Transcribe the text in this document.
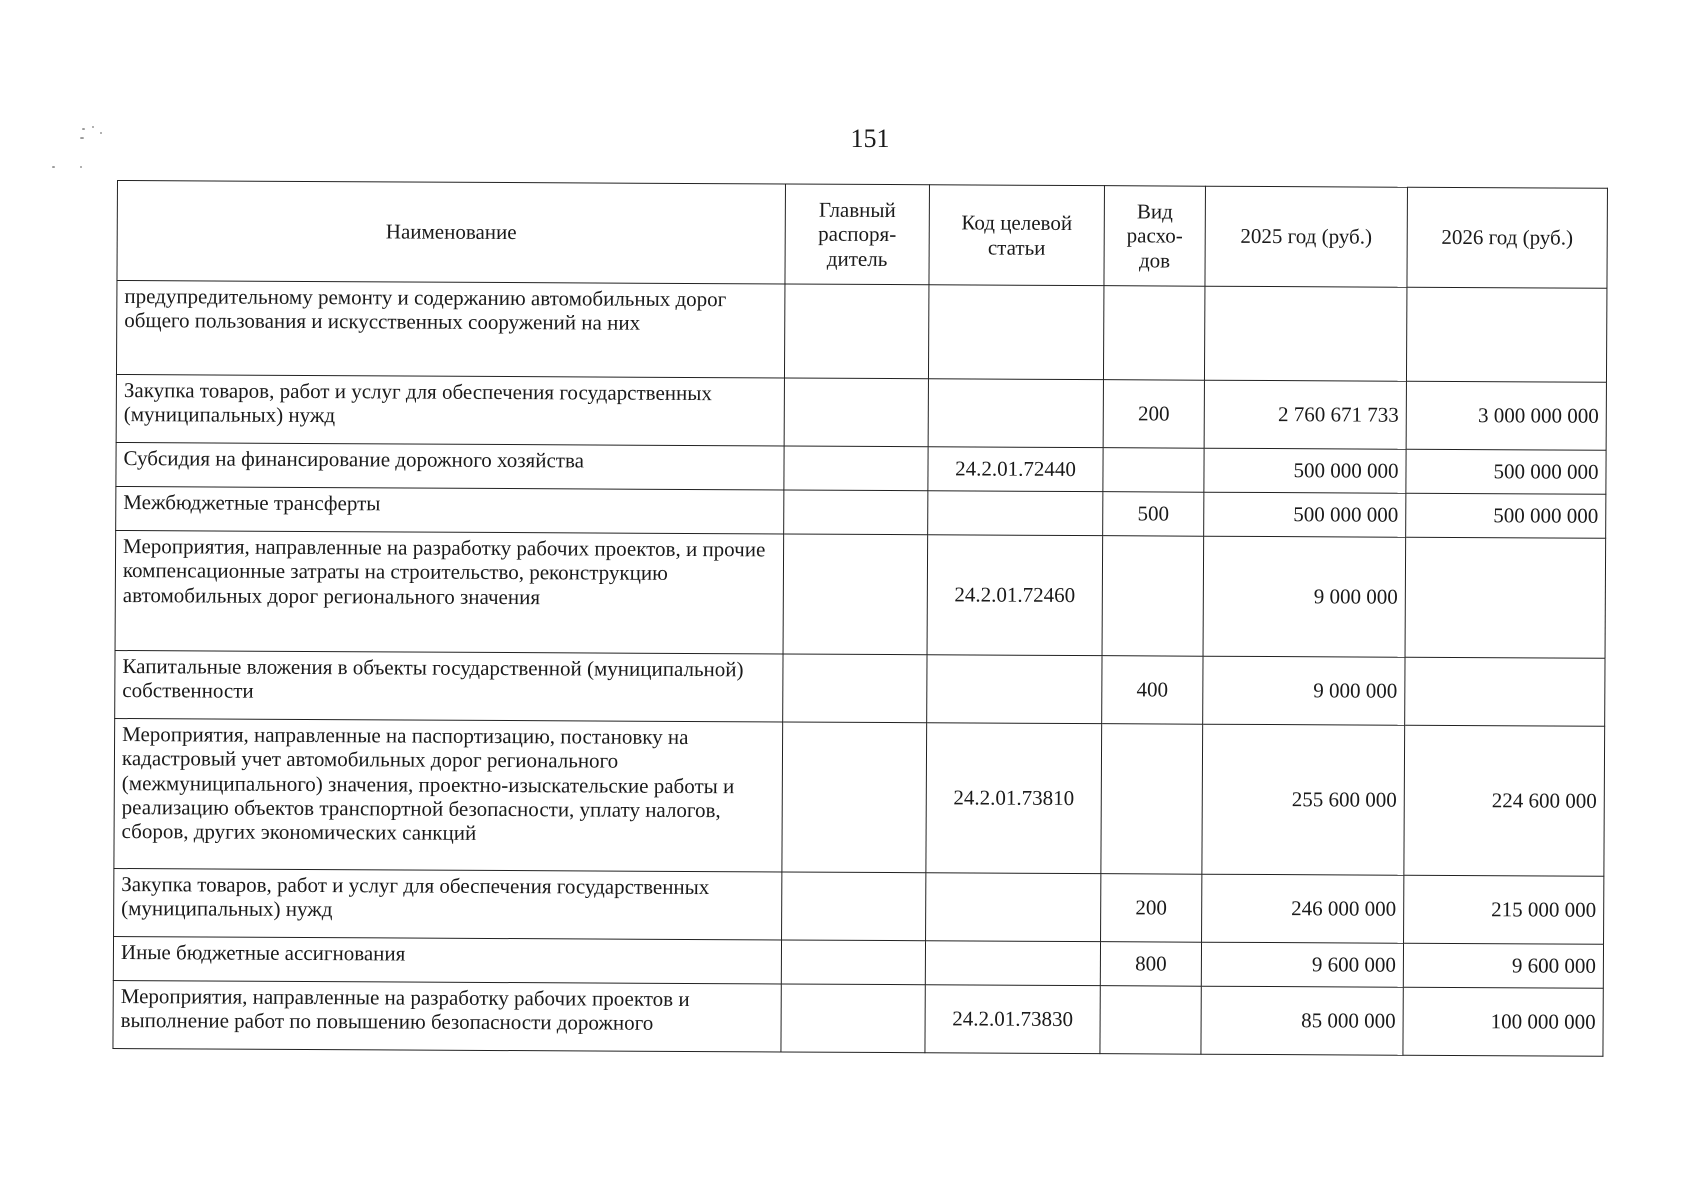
151
Наименование	Главный распоря-дитель	Код целевой статьи	Вид расхо-дов	2025 год (руб.)	2026 год (руб.)
предупредительному ремонту и содержанию автомобильных дорог общего пользования и искусственных сооружений на них					
Закупка товаров, работ и услуг для обеспечения государственных (муниципальных) нужд			200	2 760 671 733	3 000 000 000
Субсидия на финансирование дорожного хозяйства		24.2.01.72440		500 000 000	500 000 000
Межбюджетные трансферты			500	500 000 000	500 000 000
Мероприятия, направленные на разработку рабочих проектов, и прочие компенсационные затраты на строительство, реконструкцию автомобильных дорог регионального значения		24.2.01.72460		9 000 000	
Капитальные вложения в объекты государственной (муниципальной) собственности			400	9 000 000	
Мероприятия, направленные на паспортизацию, постановку на кадастровый учет автомобильных дорог регионального (межмуниципального) значения, проектно-изыскательские работы и реализацию объектов транспортной безопасности, уплату налогов, сборов, других экономических санкций		24.2.01.73810		255 600 000	224 600 000
Закупка товаров, работ и услуг для обеспечения государственных (муниципальных) нужд			200	246 000 000	215 000 000
Иные бюджетные ассигнования			800	9 600 000	9 600 000
Мероприятия, направленные на разработку рабочих проектов и выполнение работ по повышению безопасности дорожного		24.2.01.73830		85 000 000	100 000 000
